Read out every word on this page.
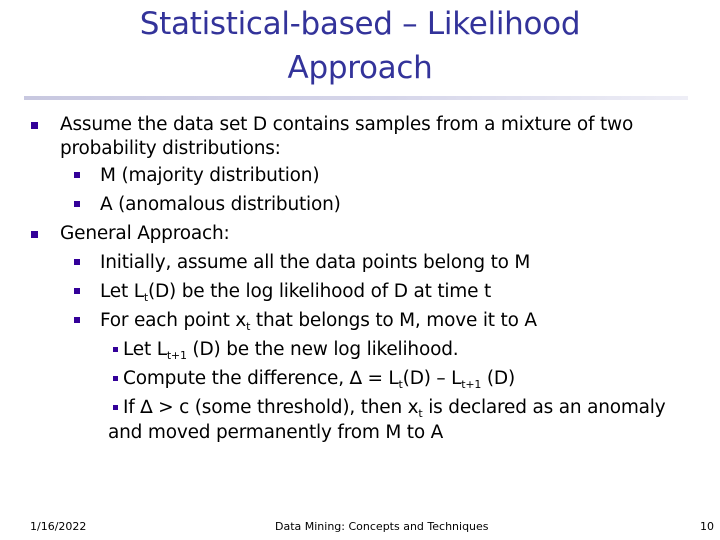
Statistical-based – Likelihood
Approach
Assume the data set D contains samples from a mixture of two
probability distributions:
M (majority distribution)
A (anomalous distribution)
General Approach:
Initially, assume all the data points belong to M
Let $L_t(D)$ be the log likelihood of D at time t
For each point $x_t$ that belongs to M, move it to A
Let $L_{t+1}$ (D) be the new log likelihood.
Compute the difference, ∆ = $L_t(D) - L_{t+1}$ (D)
If ∆ > c (some threshold), then $x_t$ is declared as an anomaly
and moved permanently from M to A
1/16/2022	Data Mining: Concepts and Techniques	10
